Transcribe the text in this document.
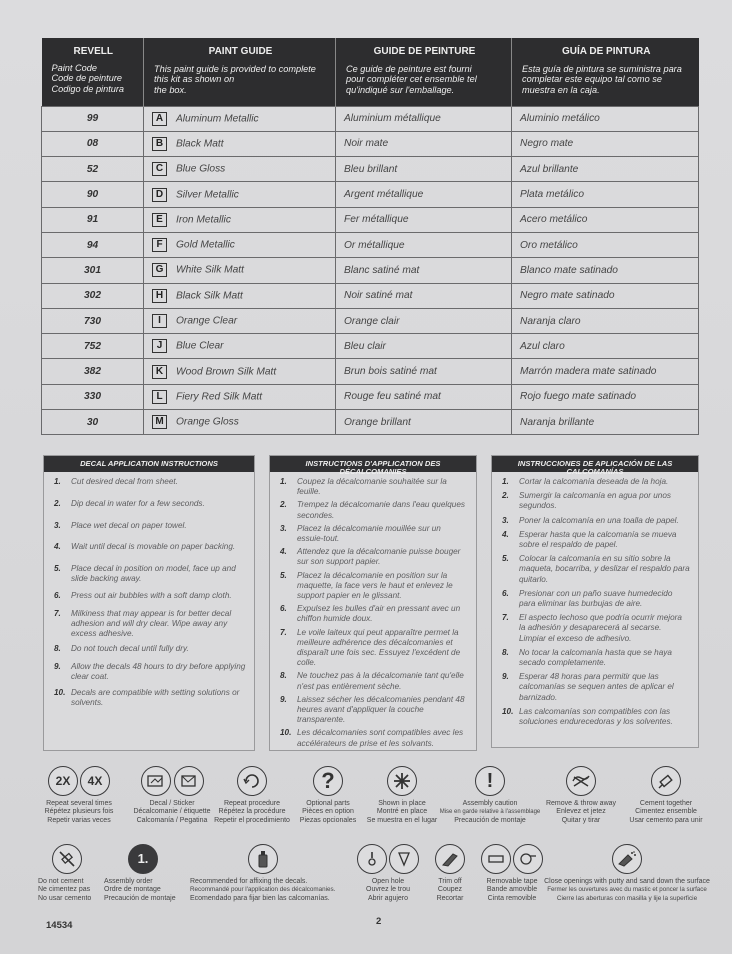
REVELL
Paint Code
Code de peinture
Codigo de pintura	PAINT GUIDE
This paint guide is provided to complete
this kit as shown on
the box.	GUIDE DE PEINTURE
Ce guide de peinture est fourni
pour compléter cet ensemble tel
qu'indiqué sur l'emballage.	GUÍA DE PINTURA
Esta guía de pintura se suministra para
completar este equipo tal como se
muestra en la caja.

99	A Aluminum Metallic	Aluminium métallique	Aluminio metálico
08	B Black Matt	Noir mate	Negro mate
52	C Blue Gloss	Bleu brillant	Azul brillante
90	D Silver Metallic	Argent métallique	Plata metálico
91	E Iron Metallic	Fer métallique	Acero metálico
94	F Gold Metallic	Or métallique	Oro metálico
301	G White Silk Matt	Blanc satiné mat	Blanco mate satinado
302	H Black Silk Matt	Noir satiné mat	Negro mate satinado
730	I Orange Clear	Orange clair	Naranja claro
752	J Blue Clear	Bleu clair	Azul claro
382	K Wood Brown Silk Matt	Brun bois satiné mat	Marrón madera mate satinado
330	L Fiery Red Silk Matt	Rouge feu satiné mat	Rojo fuego mate satinado
30	M Orange Gloss	Orange brillant	Naranja brillante
DECAL APPLICATION INSTRUCTIONS
1.	Cut desired decal from sheet.
2.	Dip decal in water for a few seconds.
3.	Place wet decal on paper towel.
4.	Wait until decal is movable on paper backing.
5.	Place decal in position on model, face up and slide backing away.
6.	Press out air bubbles with a soft damp cloth.
7.	Milkiness that may appear is for better decal adhesion and will dry clear. Wipe away any excess adhesive.
8.	Do not touch decal until fully dry.
9.	Allow the decals 48 hours to dry before applying clear coat.
10. Decals are compatible with setting solutions or solvents.
INSTRUCTIONS D'APPLICATION DES DÉCALCOMANIES
1.	Coupez la décalcomanie souhaitée sur la feuille.
2.	Trempez la décalcomanie dans l'eau quelques secondes.
3.	Placez la décalcomanie mouillée sur un essuie-tout.
4.	Attendez que la décalcomanie puisse bouger sur son support papier.
5.	Placez la décalcomanie en position sur la maquette, la face vers le haut et enlevez le support papier en le glissant.
6.	Expulsez les bulles d'air en pressant avec un chiffon humide doux.
7.	Le voile laiteux qui peut apparaître permet la meilleure adhérence des décalcomanies et disparaît une fois sec. Essuyez l'excédent de colle.
8.	Ne touchez pas à la décalcomanie tant qu'elle n'est pas entièrement sèche.
9.	Laissez sécher les décalcomanies pendant 48 heures avant d'appliquer la couche transparente.
10. Les décalcomanies sont compatibles avec les accélérateurs de prise et les solvants.
INSTRUCCIONES DE APLICACIÓN DE LAS CALCOMANÍAS
1.	Cortar la calcomanía deseada de la hoja.
2.	Sumergir la calcomanía en agua por unos segundos.
3.	Poner la calcomanía en una toalla de papel.
4.	Esperar hasta que la calcomanía se mueva sobre el respaldo de papel.
5.	Colocar la calcomanía en su sitio sobre la maqueta, bocarriba, y deslizar el respaldo para quitarlo.
6.	Presionar con un paño suave humedecido para eliminar las burbujas de aire.
7.	El aspecto lechoso que podría ocurrir mejora la adhesión y desaparecerá al secarse. Limpiar el exceso de adhesivo.
8.	No tocar la calcomanía hasta que se haya secado completamente.
9.	Esperar 48 horas para permitir que las calcomanías se sequen antes de aplicar el barnizado.
10. Las calcomanías son compatibles con las soluciones endurecedoras y los solventes.
2X	4X
Repeat several times
Répétez plusieurs fois
Repetir varias veces
Decal / Sticker
Décalcomanie / étiquette
Calcomanía / Pegatina
Repeat procedure
Répétez la procédure
Repetir el procedimiento
?
Optional parts
Pièces en option
Piezas opcionales
Shown in place
Montré en place
Se muestra en el lugar
!
Assembly caution
Mise en garde relative à l'assemblage
Precaución de montaje
Remove & throw away
Enlevez et jetez
Quitar y tirar
Cement together
Cimentez ensemble
Usar cemento para unir
Do not cement
Ne cimentez pas
No usar cemento
1.
Assembly order
Ordre de montage
Precaución de montaje
Recommended for affixing the decals.
Recommandé pour l'application des décalcomanies.
Ecomendado para fijar bien las calcomanías.
Open hole
Ouvrez le trou
Abrir agujero
Trim off
Coupez
Recortar
Removable tape
Bande amovible
Cinta removible
Close openings with putty and sand down the surface
Fermer les ouvertures avec du mastic et poncer la surface
Cierre las aberturas con masilla y lije la superficie
14534	2
